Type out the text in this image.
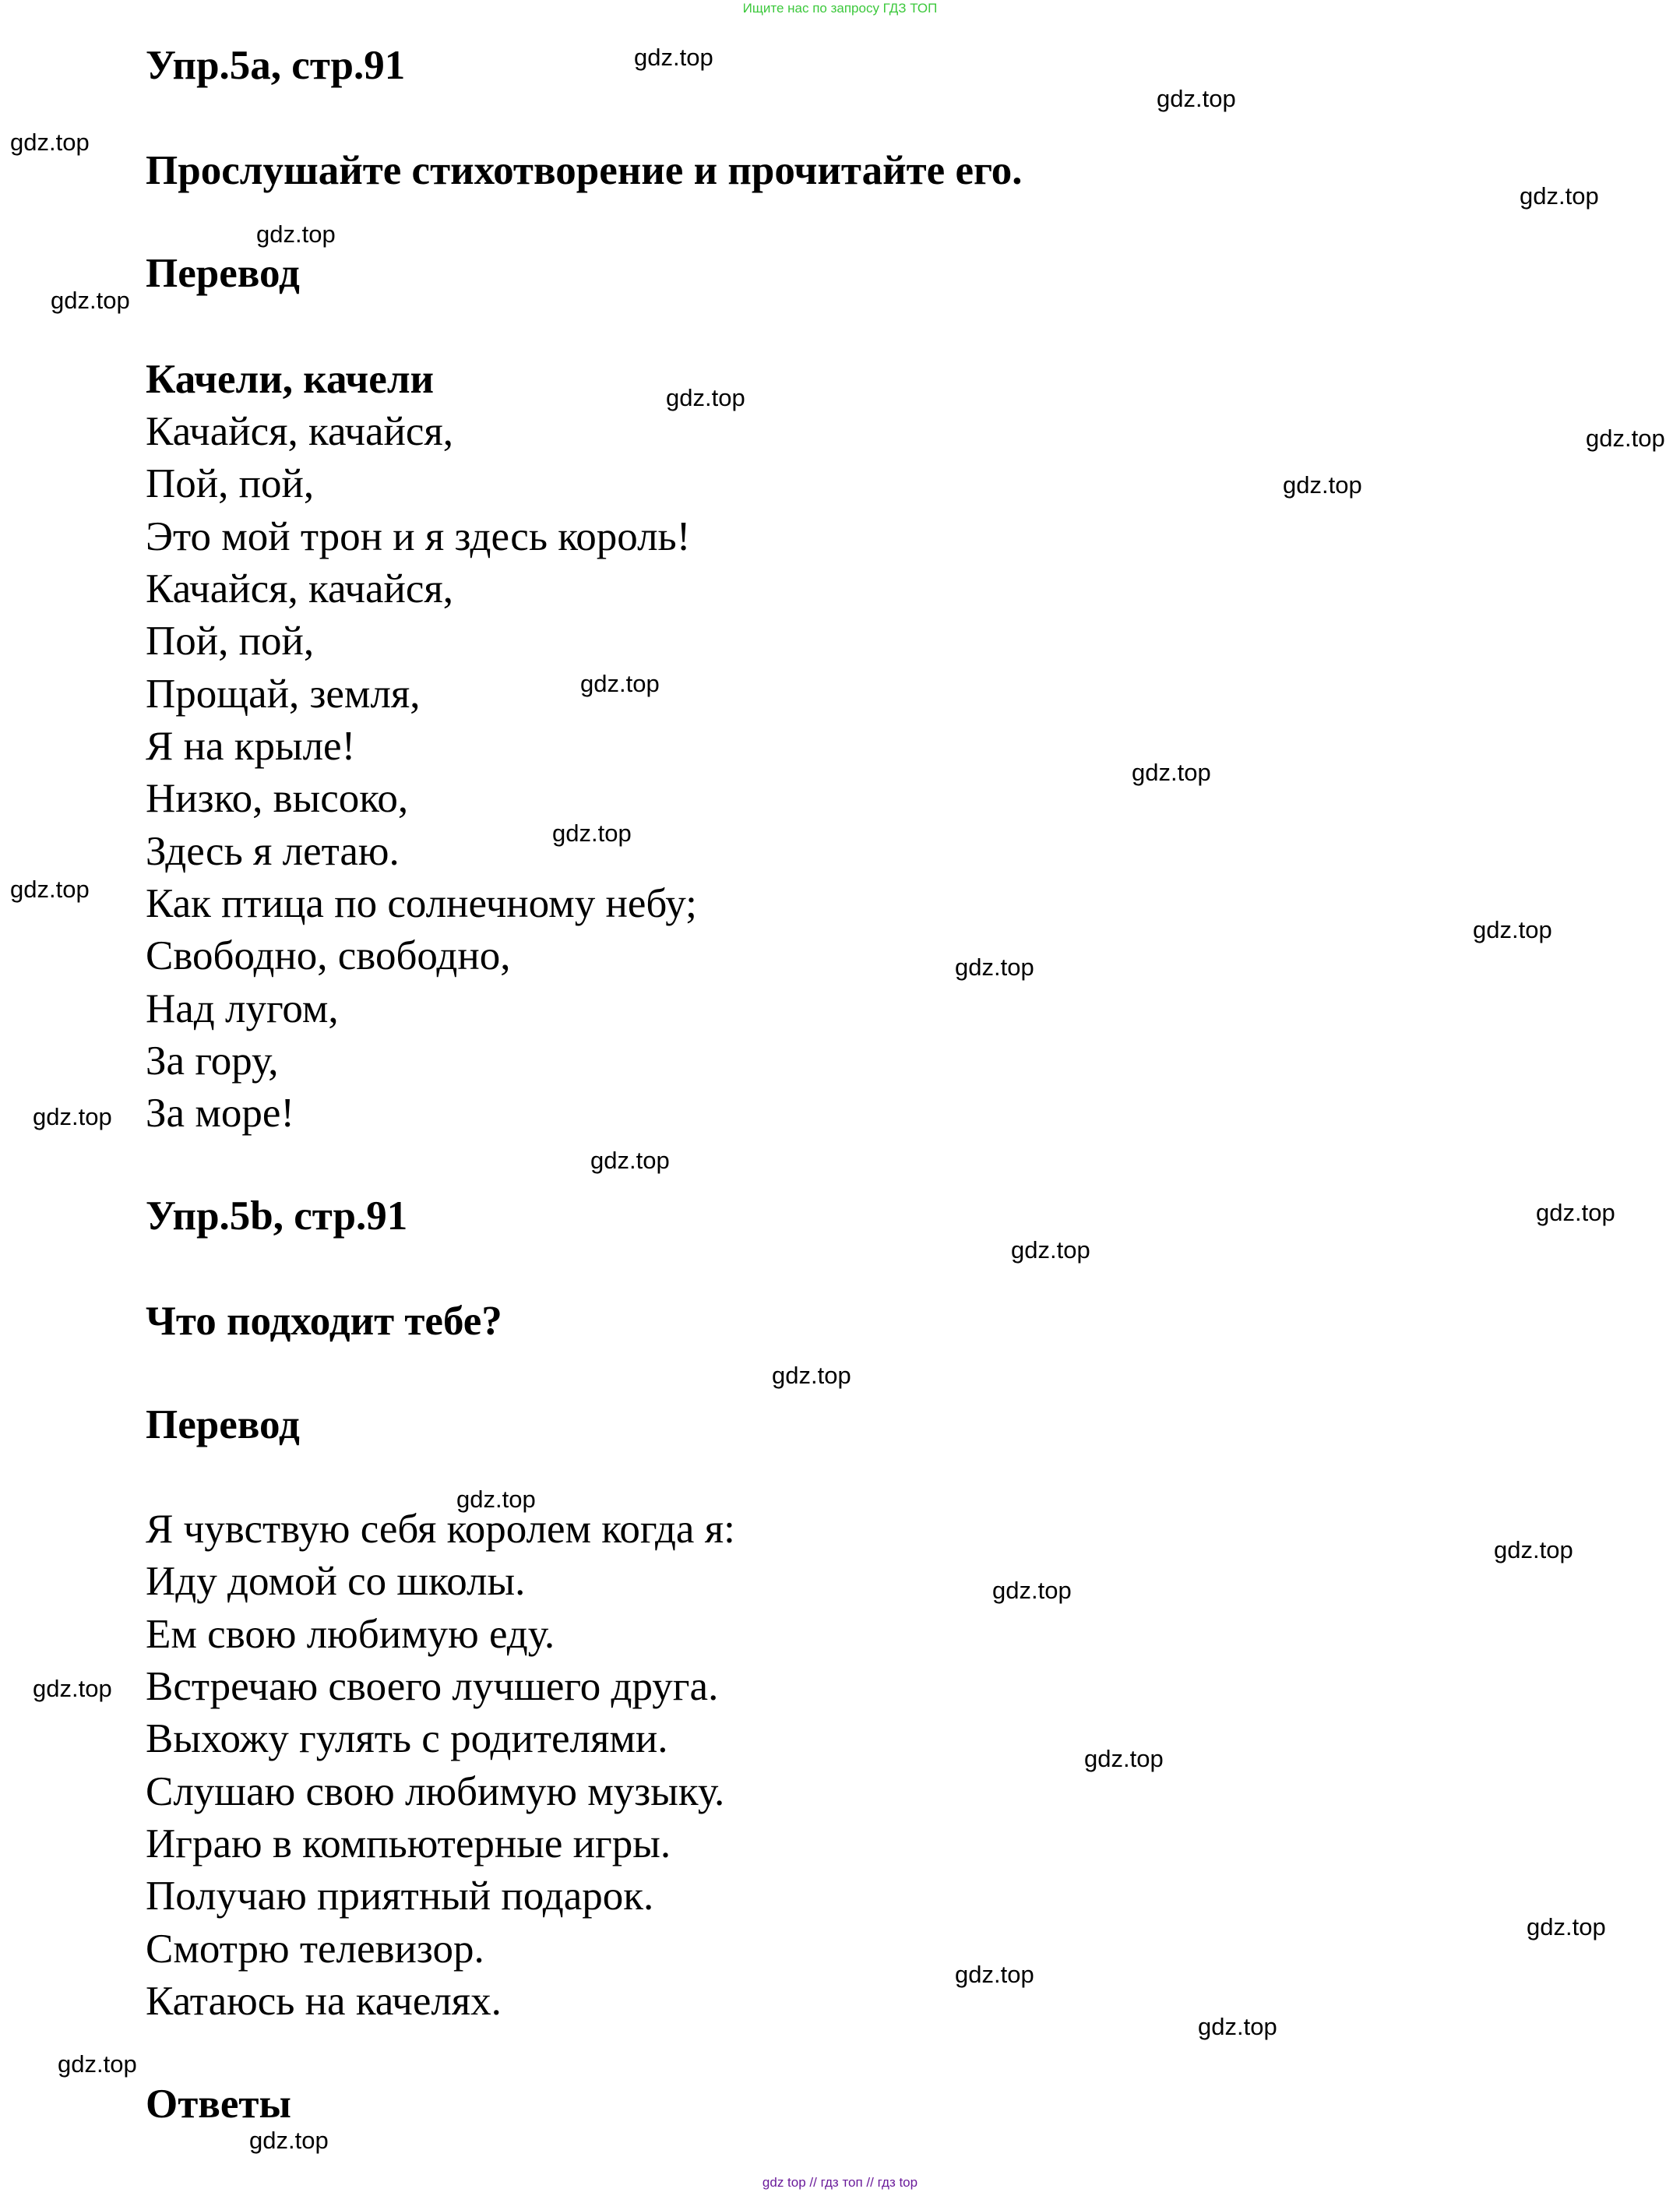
Ищите нас по запросу ГДЗ ТОП
Упр.5a, стр.91
Прослушайте стихотворение и прочитайте его.
Перевод
Качели, качели
Качайся, качайся,
Пой, пой,
Это мой трон и я здесь король!
Качайся, качайся,
Пой, пой,
Прощай, земля,
Я на крыле!
Низко, высоко,
Здесь я летаю.
Как птица по солнечному небу;
Свободно, свободно,
Над лугом,
За гору,
За море!
Упр.5b, стр.91
Что подходит тебе?
Перевод
Я чувствую себя королем когда я:
Иду домой со школы.
Ем свою любимую еду.
Встречаю своего лучшего друга.
Выхожу гулять с родителями.
Слушаю свою любимую музыку.
Играю в компьютерные игры.
Получаю приятный подарок.
Смотрю телевизор.
Катаюсь на качелях.
Ответы
gdz.top
gdz.top
gdz.top
gdz.top
gdz.top
gdz.top
gdz.top
gdz.top
gdz.top
gdz.top
gdz.top
gdz.top
gdz.top
gdz.top
gdz.top
gdz.top
gdz.top
gdz.top
gdz.top
gdz.top
gdz.top
gdz.top
gdz.top
gdz.top
gdz.top
gdz.top
gdz.top
gdz.top
gdz.top
gdz.top
gdz top // гдз топ // гдз top
